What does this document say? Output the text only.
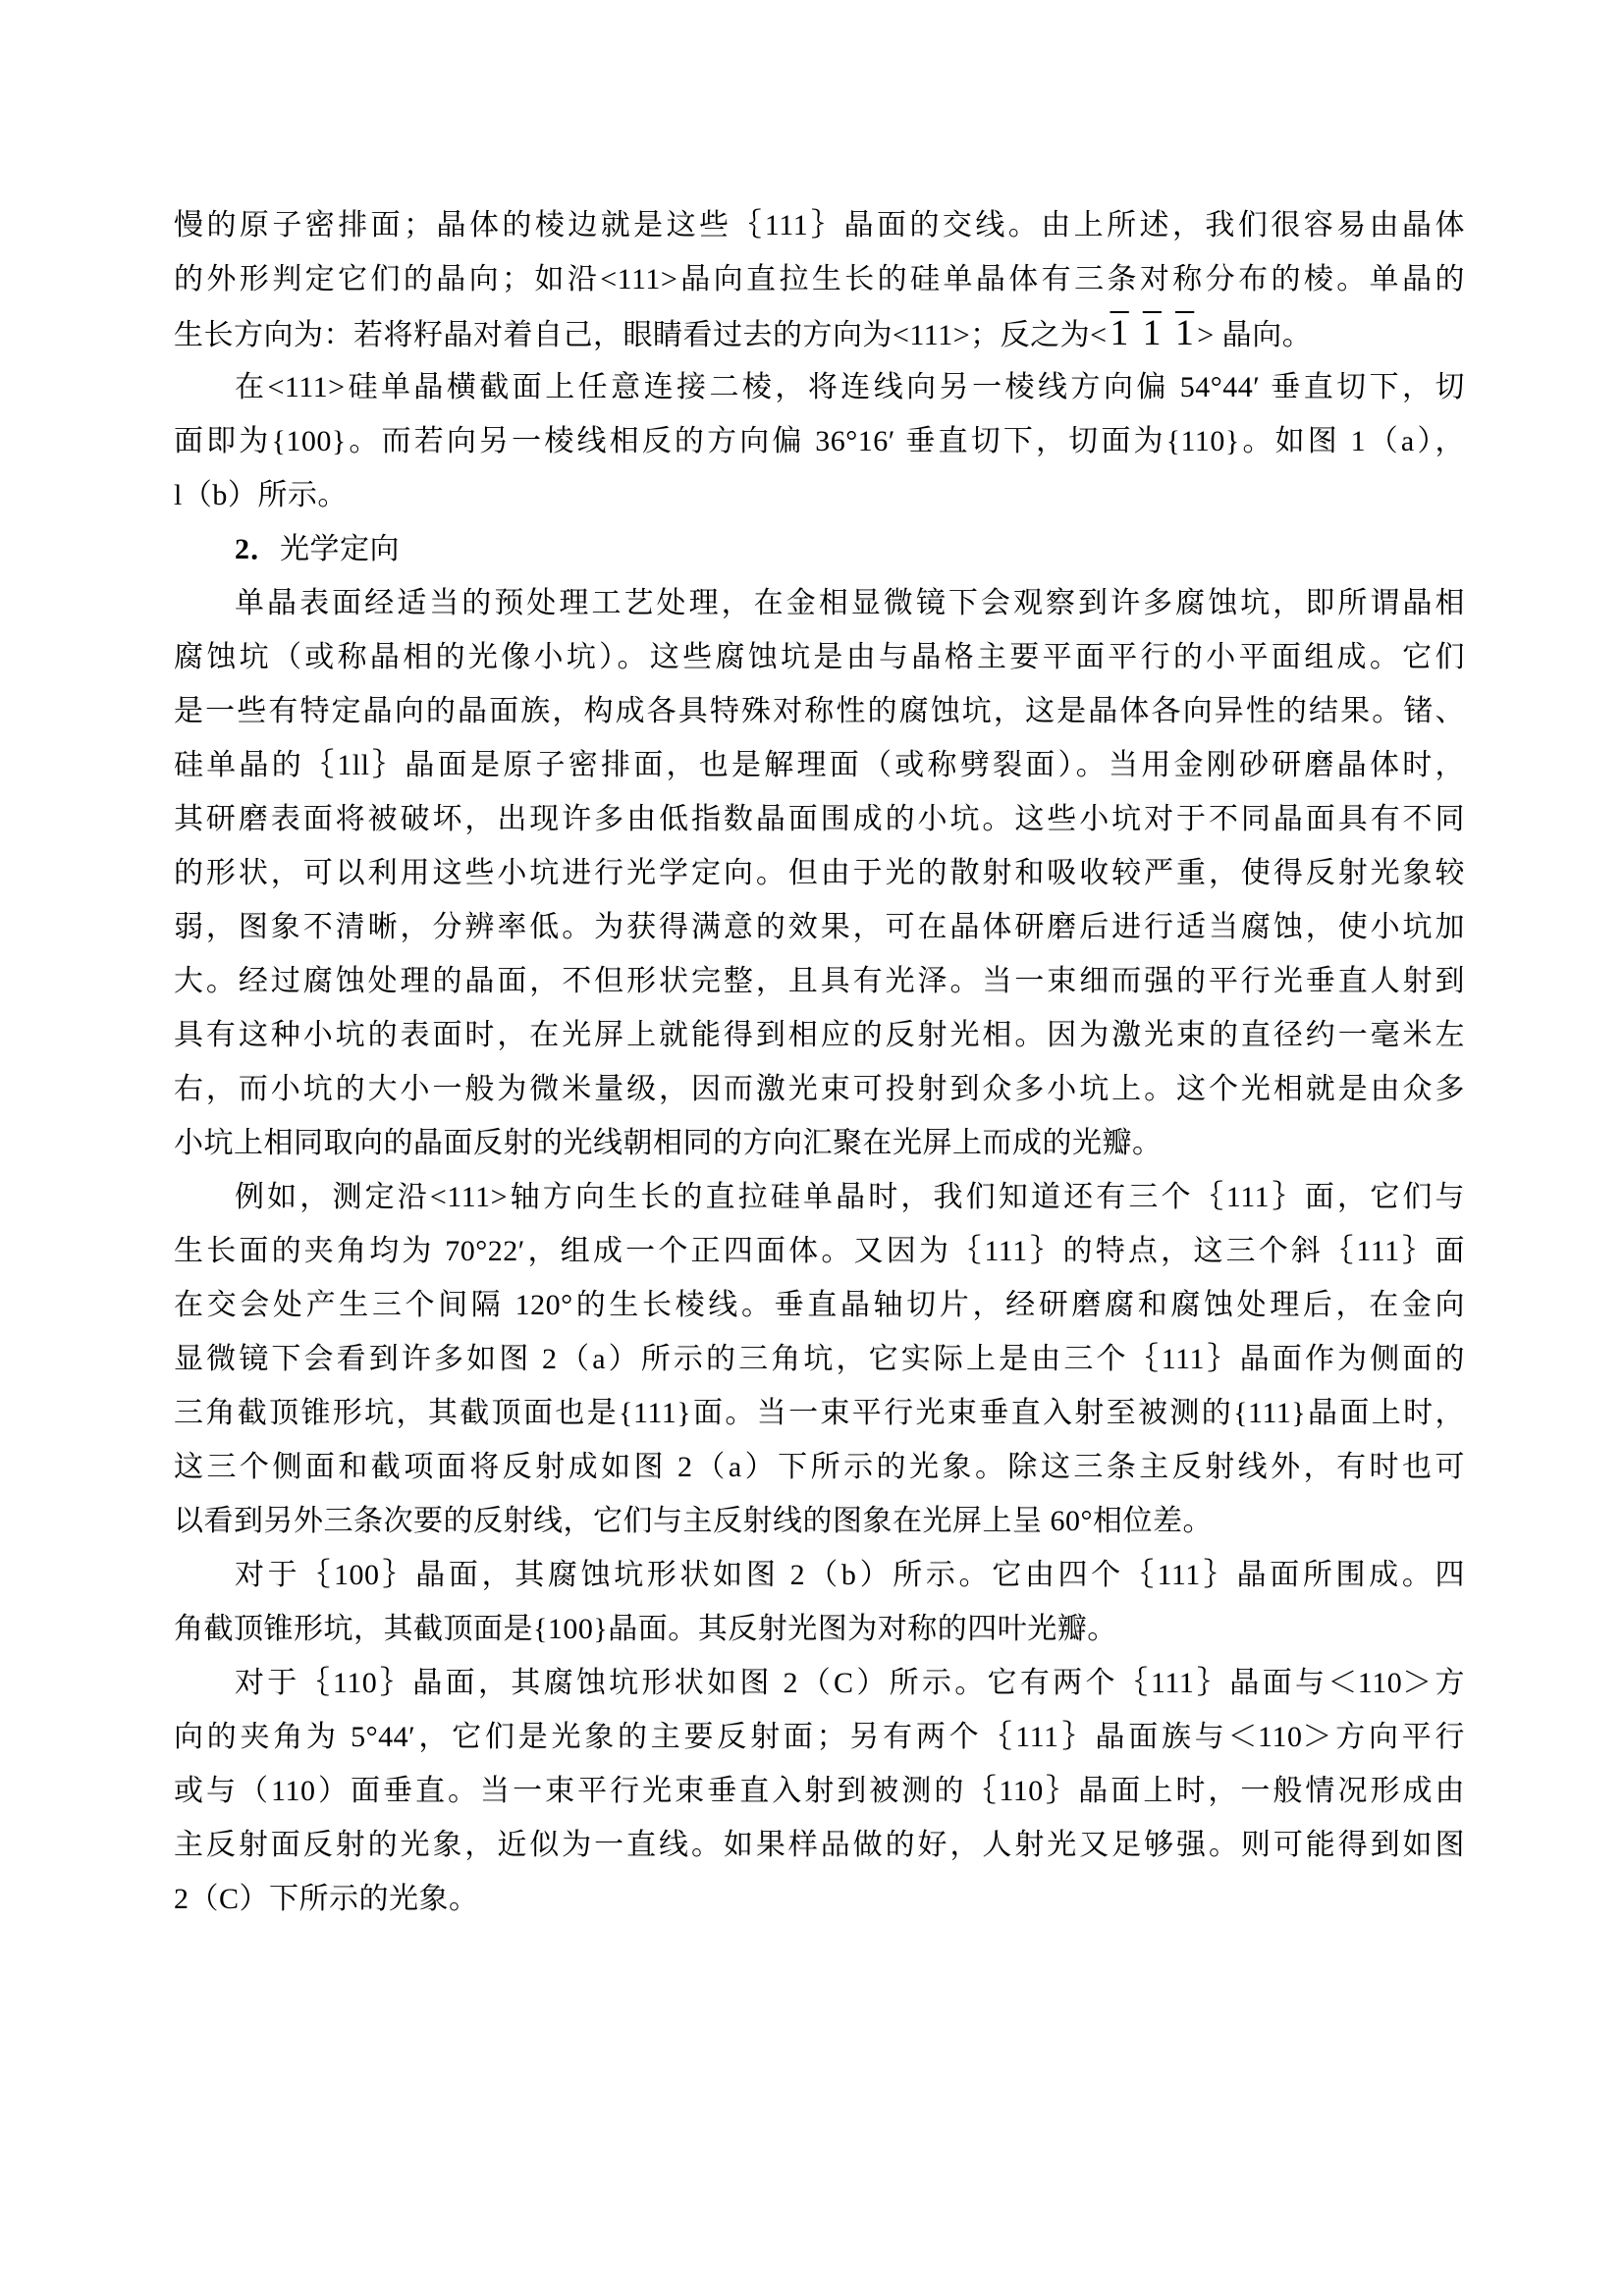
慢的原子密排面；晶体的棱边就是这些｛111｝晶面的交线。由上所述，我们很容易由晶体
的外形判定它们的晶向；如沿<111>晶向直拉生长的硅单晶体有三条对称分布的棱。单晶的
生长方向为：若将籽晶对着自己，眼睛看过去的方向为<111>；反之为<1 1 1 > 晶向。
在<111>硅单晶横截面上任意连接二棱，将连线向另一棱线方向偏 54°44′ 垂直切下，切
面即为{100}。而若向另一棱线相反的方向偏 36°16′ 垂直切下，切面为{110}。如图 1（a），
l（b）所示。
2．光学定向
单晶表面经适当的预处理工艺处理，在金相显微镜下会观察到许多腐蚀坑，即所谓晶相
腐蚀坑（或称晶相的光像小坑）。这些腐蚀坑是由与晶格主要平面平行的小平面组成。它们
是一些有特定晶向的晶面族，构成各具特殊对称性的腐蚀坑，这是晶体各向异性的结果。锗、
硅单晶的｛1ll｝晶面是原子密排面，也是解理面（或称劈裂面）。当用金刚砂研磨晶体时，
其研磨表面将被破坏，出现许多由低指数晶面围成的小坑。这些小坑对于不同晶面具有不同
的形状，可以利用这些小坑进行光学定向。但由于光的散射和吸收较严重，使得反射光象较
弱，图象不清晰，分辨率低。为获得满意的效果，可在晶体研磨后进行适当腐蚀，使小坑加
大。经过腐蚀处理的晶面，不但形状完整，且具有光泽。当一束细而强的平行光垂直人射到
具有这种小坑的表面时，在光屏上就能得到相应的反射光相。因为激光束的直径约一毫米左
右，而小坑的大小一般为微米量级，因而激光束可投射到众多小坑上。这个光相就是由众多
小坑上相同取向的晶面反射的光线朝相同的方向汇聚在光屏上而成的光瓣。
例如，测定沿<111>轴方向生长的直拉硅单晶时，我们知道还有三个｛111｝面，它们与
生长面的夹角均为 70°22′，组成一个正四面体。又因为｛111｝的特点，这三个斜｛111｝面
在交会处产生三个间隔 120°的生长棱线。垂直晶轴切片，经研磨腐和腐蚀处理后，在金向
显微镜下会看到许多如图 2（a）所示的三角坑，它实际上是由三个｛111｝晶面作为侧面的
三角截顶锥形坑，其截顶面也是{111}面。当一束平行光束垂直入射至被测的{111}晶面上时，
这三个侧面和截项面将反射成如图 2（a）下所示的光象。除这三条主反射线外，有时也可
以看到另外三条次要的反射线，它们与主反射线的图象在光屏上呈 60°相位差。
对于｛100｝晶面，其腐蚀坑形状如图 2（b）所示。它由四个｛111｝晶面所围成。四
角截顶锥形坑，其截顶面是{100}晶面。其反射光图为对称的四叶光瓣。
对于｛110｝晶面，其腐蚀坑形状如图 2（C）所示。它有两个｛111｝晶面与＜110＞方
向的夹角为 5°44′，它们是光象的主要反射面；另有两个｛111｝晶面族与＜110＞方向平行
或与（110）面垂直。当一束平行光束垂直入射到被测的｛110｝晶面上时，一般情况形成由
主反射面反射的光象，近似为一直线。如果样品做的好，人射光又足够强。则可能得到如图
2（C）下所示的光象。
